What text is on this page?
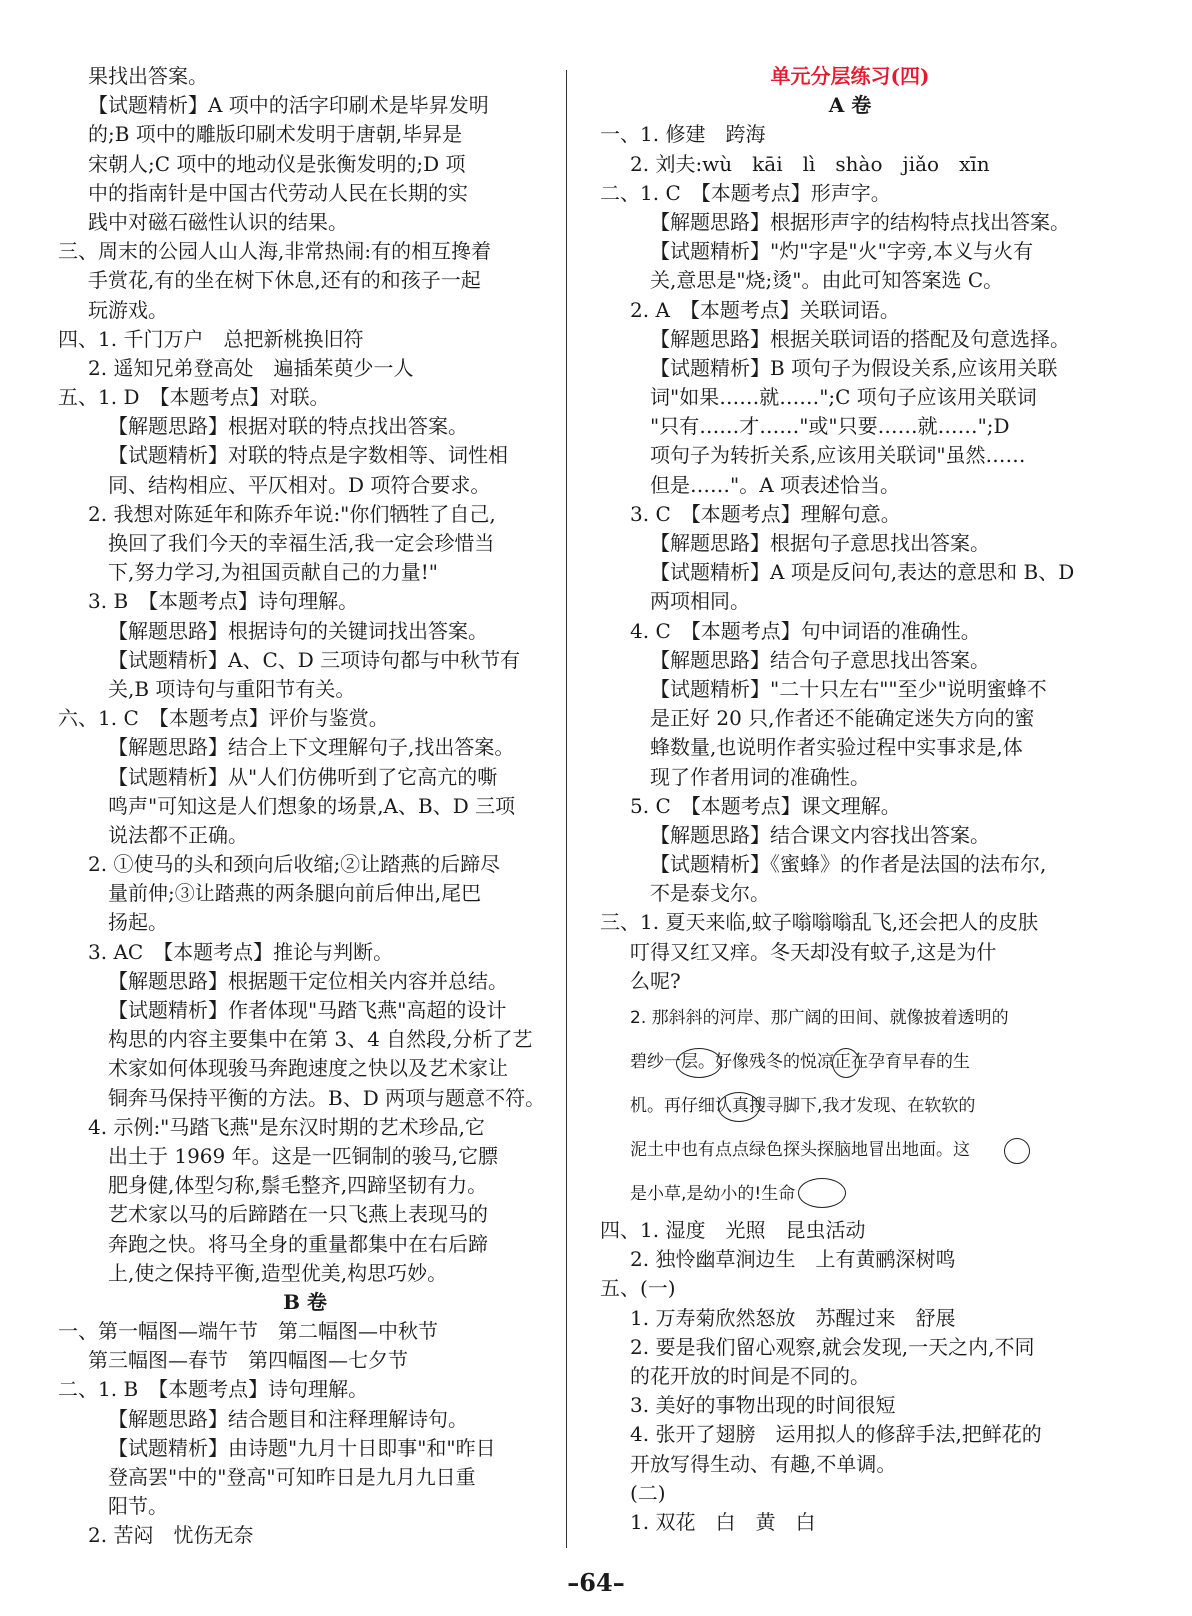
果找出答案。
【试题精析】A 项中的活字印刷术是毕昇发明
的;B 项中的雕版印刷术发明于唐朝,毕昇是
宋朝人;C 项中的地动仪是张衡发明的;D 项
中的指南针是中国古代劳动人民在长期的实
践中对磁石磁性认识的结果。
三、周末的公园人山人海,非常热闹:有的相互搀着
手赏花,有的坐在树下休息,还有的和孩子一起
玩游戏。
四、1. 千门万户　总把新桃换旧符
2. 遥知兄弟登高处　遍插茱萸少一人
五、1. D　【本题考点】对联。
【解题思路】根据对联的特点找出答案。
【试题精析】对联的特点是字数相等、词性相
同、结构相应、平仄相对。D 项符合要求。
2. 我想对陈延年和陈乔年说:"你们牺牲了自己,
换回了我们今天的幸福生活,我一定会珍惜当
下,努力学习,为祖国贡献自己的力量!"
3. B　【本题考点】诗句理解。
【解题思路】根据诗句的关键词找出答案。
【试题精析】A、C、D 三项诗句都与中秋节有
关,B 项诗句与重阳节有关。
六、1. C　【本题考点】评价与鉴赏。
【解题思路】结合上下文理解句子,找出答案。
【试题精析】从"人们仿佛听到了它高亢的嘶
鸣声"可知这是人们想象的场景,A、B、D 三项
说法都不正确。
2. ①使马的头和颈向后收缩;②让踏燕的后蹄尽
量前伸;③让踏燕的两条腿向前后伸出,尾巴
扬起。
3. AC　【本题考点】推论与判断。
【解题思路】根据题干定位相关内容并总结。
【试题精析】作者体现"马踏飞燕"高超的设计
构思的内容主要集中在第 3、4 自然段,分析了艺
术家如何体现骏马奔跑速度之快以及艺术家让
铜奔马保持平衡的方法。B、D 两项与题意不符。
4. 示例:"马踏飞燕"是东汉时期的艺术珍品,它
出土于 1969 年。这是一匹铜制的骏马,它膘
肥身健,体型匀称,鬃毛整齐,四蹄坚韧有力。
艺术家以马的后蹄踏在一只飞燕上表现马的
奔跑之快。将马全身的重量都集中在右后蹄
上,使之保持平衡,造型优美,构思巧妙。
B 卷
一、第一幅图—端午节　第二幅图—中秋节
第三幅图—春节　第四幅图—七夕节
二、1. B　【本题考点】诗句理解。
【解题思路】结合题目和注释理解诗句。
【试题精析】由诗题"九月十日即事"和"昨日
登高罢"中的"登高"可知昨日是九月九日重
阳节。
2. 苦闷　忧伤无奈
单元分层练习(四)
A 卷
一、1. 修建　跨海
2. 刘夫:wù　kāi　lì　shào　jiǎo　xīn
二、1. C　【本题考点】形声字。
【解题思路】根据形声字的结构特点找出答案。
【试题精析】"灼"字是"火"字旁,本义与火有
关,意思是"烧;烫"。由此可知答案选 C。
2. A　【本题考点】关联词语。
【解题思路】根据关联词语的搭配及句意选择。
【试题精析】B 项句子为假设关系,应该用关联
词"如果……就……";C 项句子应该用关联词
"只有……才……"或"只要……就……";D
项句子为转折关系,应该用关联词"虽然……
但是……"。A 项表述恰当。
3. C　【本题考点】理解句意。
【解题思路】根据句子意思找出答案。
【试题精析】A 项是反问句,表达的意思和 B、D
两项相同。
4. C　【本题考点】句中词语的准确性。
【解题思路】结合句子意思找出答案。
【试题精析】"二十只左右""至少"说明蜜蜂不
是正好 20 只,作者还不能确定迷失方向的蜜
蜂数量,也说明作者实验过程中实事求是,体
现了作者用词的准确性。
5. C　【本题考点】课文理解。
【解题思路】结合课文内容找出答案。
【试题精析】《蜜蜂》的作者是法国的法布尔,
不是泰戈尔。
三、1. 夏天来临,蚊子嗡嗡嗡乱飞,还会把人的皮肤
叮得又红又痒。冬天却没有蚊子,这是为什
么呢?
2. 那斜斜的河岸、那广阔的田间、就像披着透明的
碧纱一层。好像残冬的悦凉正在孕育早春的生
机。再仔细认真搜寻脚下,我才发现、在软软的
泥土中也有点点绿色探头探脑地冒出地面。这
是小草,是幼小的!生命
四、1. 湿度　光照　昆虫活动
2. 独怜幽草涧边生　上有黄鹂深树鸣
五、(一)
1. 万寿菊欣然怒放　苏醒过来　舒展
2. 要是我们留心观察,就会发现,一天之内,不同
的花开放的时间是不同的。
3. 美好的事物出现的时间很短
4. 张开了翅膀　运用拟人的修辞手法,把鲜花的
开放写得生动、有趣,不单调。
(二)
1. 双花　白　黄　白
–64–
